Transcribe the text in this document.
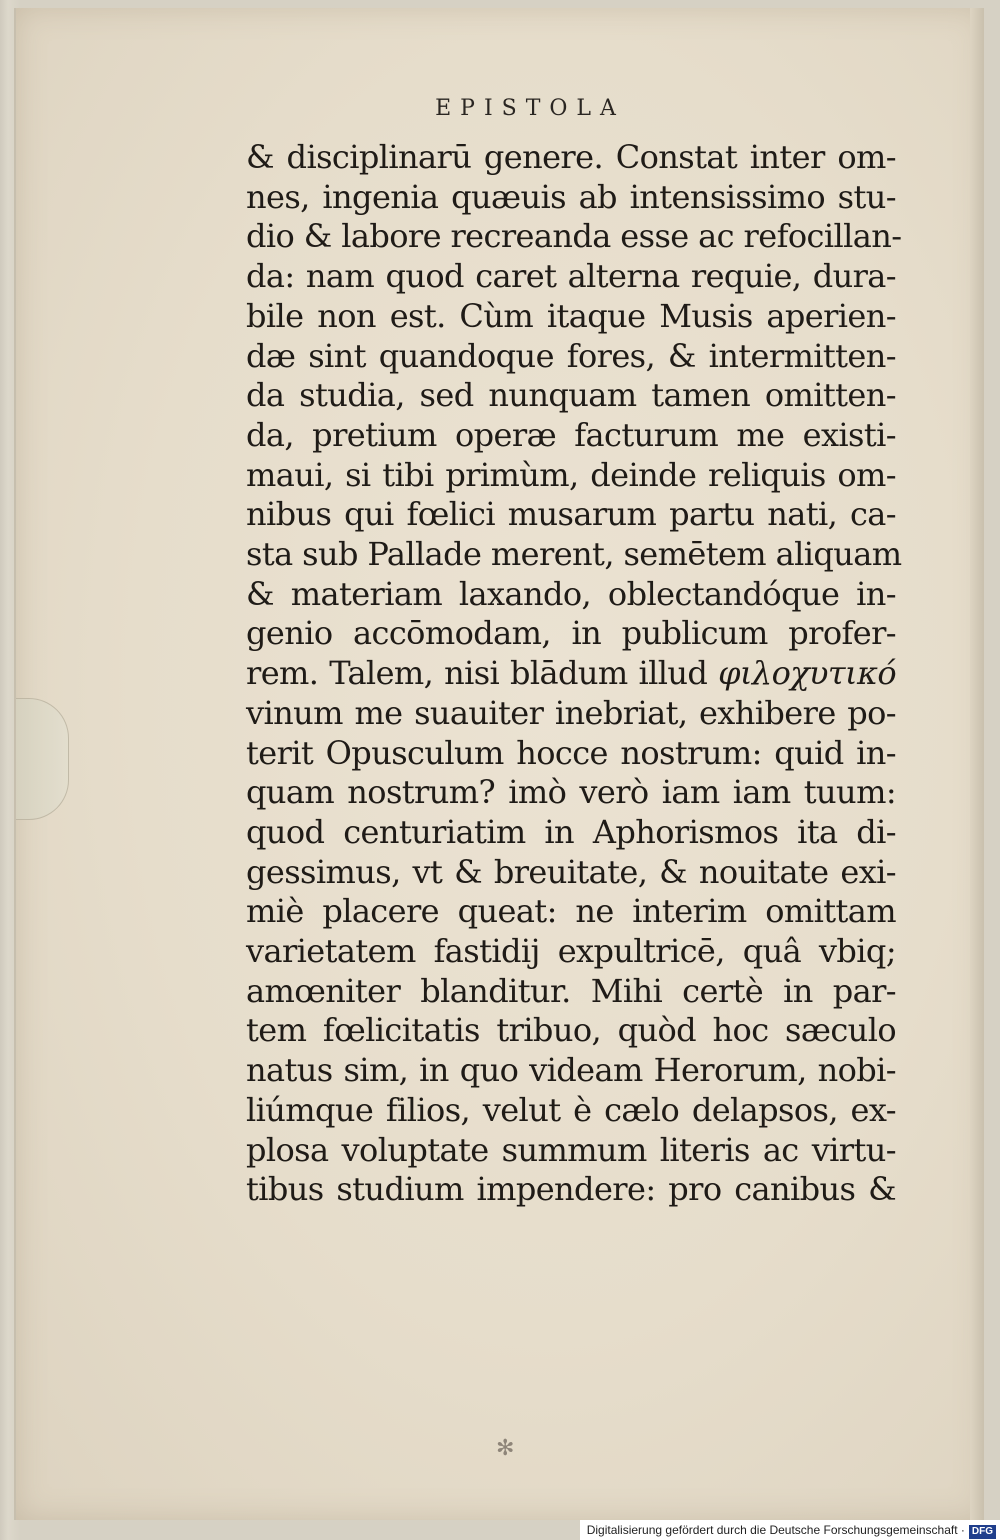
EPISTOLA
& disciplinarū genere. Constat inter om-
nes, ingenia quæuis ab intensissimo stu-
dio & labore recreanda esse ac refocillan-
da: nam quod caret alterna requie, dura-
bile non est. Cùm itaque Musis aperien-
dæ sint quandoque fores, & intermitten-
da studia, sed nunquam tamen omitten-
da, pretium operæ facturum me existi-
maui, si tibi primùm, deinde reliquis om-
nibus qui fœlici musarum partu nati, ca-
sta sub Pallade merent, semētem aliquam
& materiam laxando, oblectandóque in-
genio accōmodam, in publicum profer-
rem. Talem, nisi blādum illud φιλοχυτικό
vinum me suauiter inebriat, exhibere po-
terit Opusculum hocce nostrum: quid in-
quam nostrum? imò verò iam iam tuum:
quod centuriatim in Aphorismos ita di-
gessimus, vt & breuitate, & nouitate exi-
miè placere queat: ne interim omittam
varietatem fastidij expultricē, quâ vbiq;
amœniter blanditur. Mihi certè in par-
tem fœlicitatis tribuo, quòd hoc sæculo
natus sim, in quo videam Herorum, nobi-
liúmque filios, velut è cælo delapsos, ex-
plosa voluptate summum literis ac virtu-
tibus studium impendere: pro canibus &
✻
Digitalisierung gefördert durch die Deutsche Forschungsgemeinschaft · DFG
